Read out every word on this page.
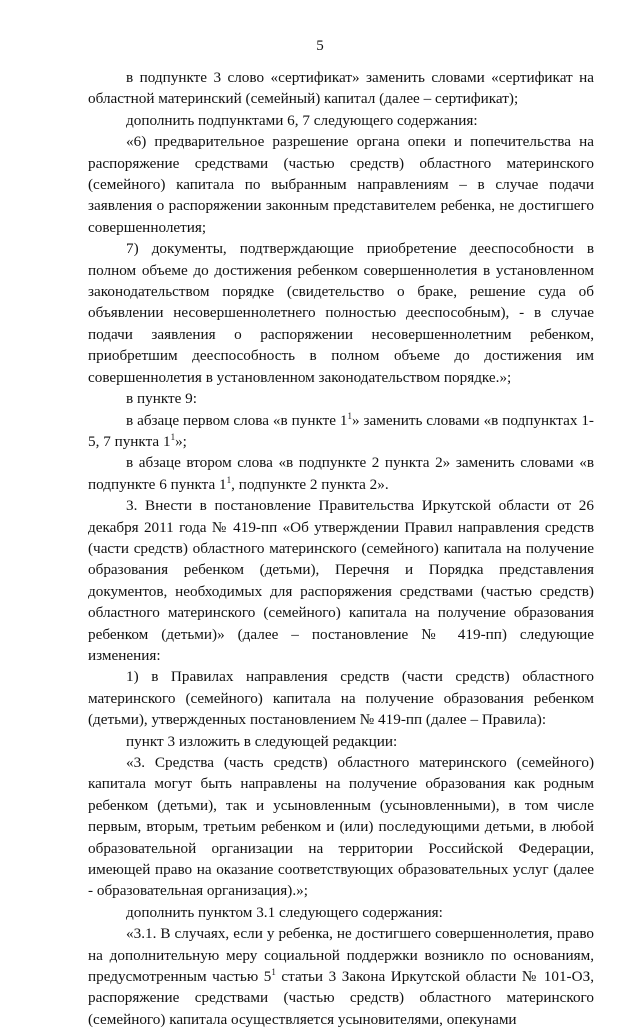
5

в подпункте 3 слово «сертификат» заменить словами «сертификат на областной материнский (семейный) капитал (далее – сертификат);

дополнить подпунктами 6, 7 следующего содержания:

«6) предварительное разрешение органа опеки и попечительства на распоряжение средствами (частью средств) областного материнского (семейного) капитала по выбранным направлениям – в случае подачи заявления о распоряжении законным представителем ребенка, не достигшего совершеннолетия;

7) документы, подтверждающие приобретение дееспособности в полном объеме до достижения ребенком совершеннолетия в установленном законодательством порядке (свидетельство о браке, решение суда об объявлении несовершеннолетнего полностью дееспособным), - в случае подачи заявления о распоряжении несовершеннолетним ребенком, приобретшим дееспособность в полном объеме до достижения им совершеннолетия в установленном законодательством порядке.»;

в пункте 9:

в абзаце первом слова «в пункте $1^1$» заменить словами «в подпунктах 1-5, 7 пункта $1^1$»;

в абзаце втором слова «в подпункте 2 пункта 2» заменить словами «в подпункте 6 пункта $1^1$, подпункте 2 пункта 2».

3. Внести в постановление Правительства Иркутской области от 26 декабря 2011 года № 419-пп «Об утверждении Правил направления средств (части средств) областного материнского (семейного) капитала на получение образования ребенком (детьми), Перечня и Порядка представления документов, необходимых для распоряжения средствами (частью средств) областного материнского (семейного) капитала на получение образования ребенком (детьми)» (далее – постановление № 419-пп) следующие изменения:

1) в Правилах направления средств (части средств) областного материнского (семейного) капитала на получение образования ребенком (детьми), утвержденных постановлением № 419-пп (далее – Правила):

пункт 3 изложить в следующей редакции:

«3. Средства (часть средств) областного материнского (семейного) капитала могут быть направлены на получение образования как родным ребенком (детьми), так и усыновленным (усыновленными), в том числе первым, вторым, третьим ребенком и (или) последующими детьми, в любой образовательной организации на территории Российской Федерации, имеющей право на оказание соответствующих образовательных услуг (далее - образовательная организация).»;

дополнить пунктом 3.1 следующего содержания:

«3.1. В случаях, если у ребенка, не достигшего совершеннолетия, право на дополнительную меру социальной поддержки возникло по основаниям, предусмотренным частью $5^1$ статьи 3 Закона Иркутской области № 101-ОЗ, распоряжение средствами (частью средств) областного материнского (семейного) капитала осуществляется усыновителями, опекунами
